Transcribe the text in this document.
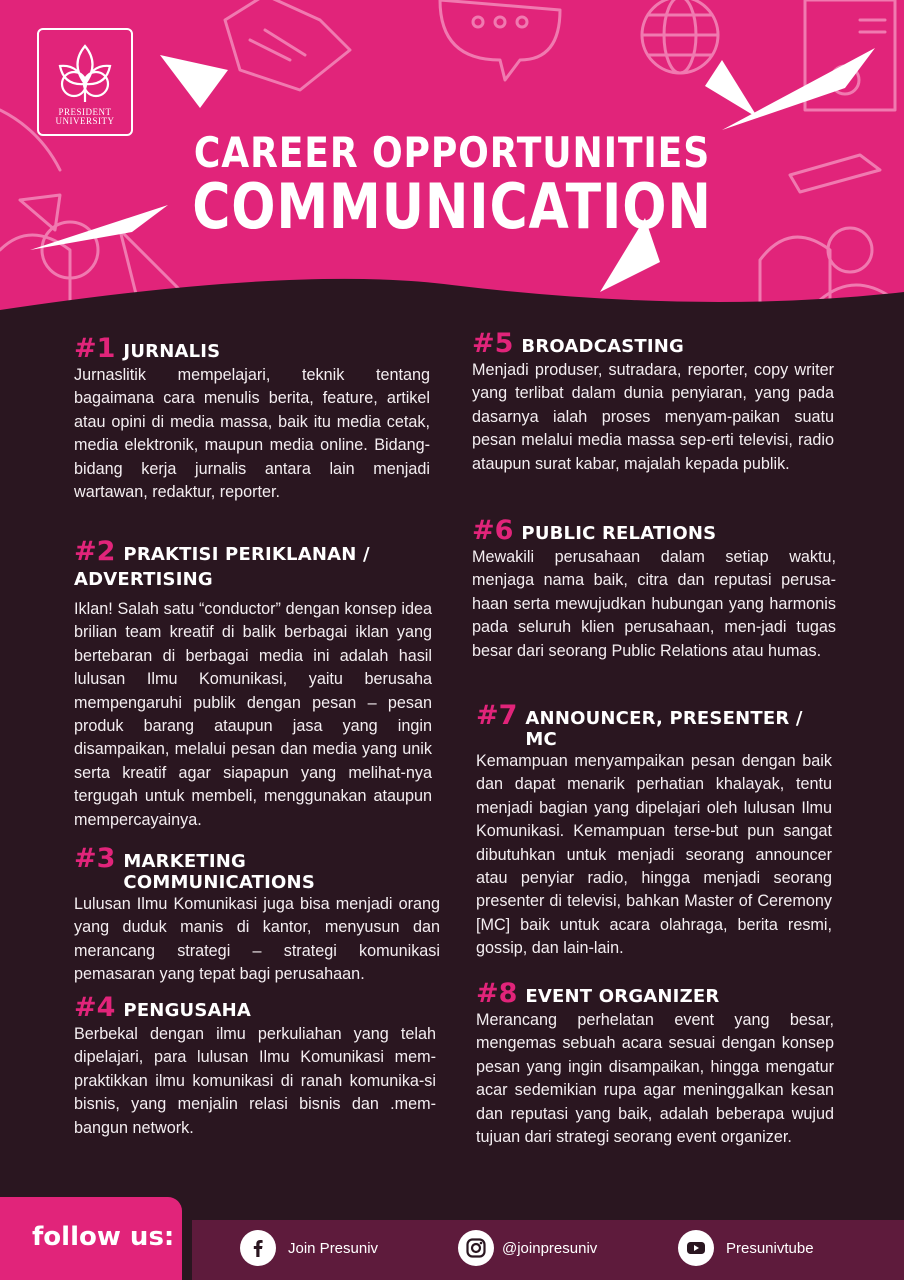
PRESIDENT
UNIVERSITY
CAREER OPPORTUNITIES
COMMUNICATION
#1 JURNALIS

Jurnaslitik mempelajari, teknik tentang bagaimana cara menulis berita, feature, artikel atau opini di media massa, baik itu media cetak, media elektronik, maupun media online. Bidang-bidang kerja jurnalis antara lain menjadi wartawan, redaktur, reporter.

#2 PRAKTISI PERIKLANAN /
ADVERTISING

Iklan! Salah satu “conductor” dengan konsep idea brilian team kreatif di balik berbagai iklan yang bertebaran di berbagai media ini adalah hasil lulusan Ilmu Komunikasi, yaitu berusaha mempengaruhi publik dengan pesan – pesan produk barang ataupun jasa yang ingin disampaikan, melalui pesan dan media yang unik serta kreatif agar siapapun yang melihat-nya tergugah untuk membeli, menggunakan ataupun mempercayainya.

#3 MARKETING COMMUNICATIONS

Lulusan Ilmu Komunikasi juga bisa menjadi orang yang duduk manis di kantor, menyusun dan merancang strategi – strategi komunikasi pemasaran yang tepat bagi perusahaan.

#4 PENGUSAHA

Berbekal dengan ilmu perkuliahan yang telah dipelajari, para lulusan Ilmu Komunikasi mem-praktikkan ilmu komunikasi di ranah komunika-si bisnis, yang menjalin relasi bisnis dan .mem-bangun network.

#5 BROADCASTING

Menjadi produser, sutradara, reporter, copy writer yang terlibat dalam dunia penyiaran, yang pada dasarnya ialah proses menyam-paikan suatu pesan melalui media massa sep-erti televisi, radio ataupun surat kabar, majalah kepada publik.

#6 PUBLIC RELATIONS

Mewakili perusahaan dalam setiap waktu, menjaga nama baik, citra dan reputasi perusa-haan serta mewujudkan hubungan yang harmonis pada seluruh klien perusahaan, men-jadi tugas besar dari seorang Public Relations atau humas.

#7 ANNOUNCER, PRESENTER / MC

Kemampuan menyampaikan pesan dengan baik dan dapat menarik perhatian khalayak, tentu menjadi bagian yang dipelajari oleh lulusan Ilmu Komunikasi. Kemampuan terse-but pun sangat dibutuhkan untuk menjadi seorang announcer atau penyiar radio, hingga menjadi seorang presenter di televisi, bahkan Master of Ceremony [MC] baik untuk acara olahraga, berita resmi, gossip, dan lain-lain.

#8 EVENT ORGANIZER

Merancang perhelatan event yang besar, mengemas sebuah acara sesuai dengan konsep pesan yang ingin disampaikan, hingga mengatur acar sedemikian rupa agar meninggalkan kesan dan reputasi yang baik, adalah beberapa wujud tujuan dari strategi seorang event organizer.

follow us:	Join Presuniv	@joinpresuniv	Presunivtube
